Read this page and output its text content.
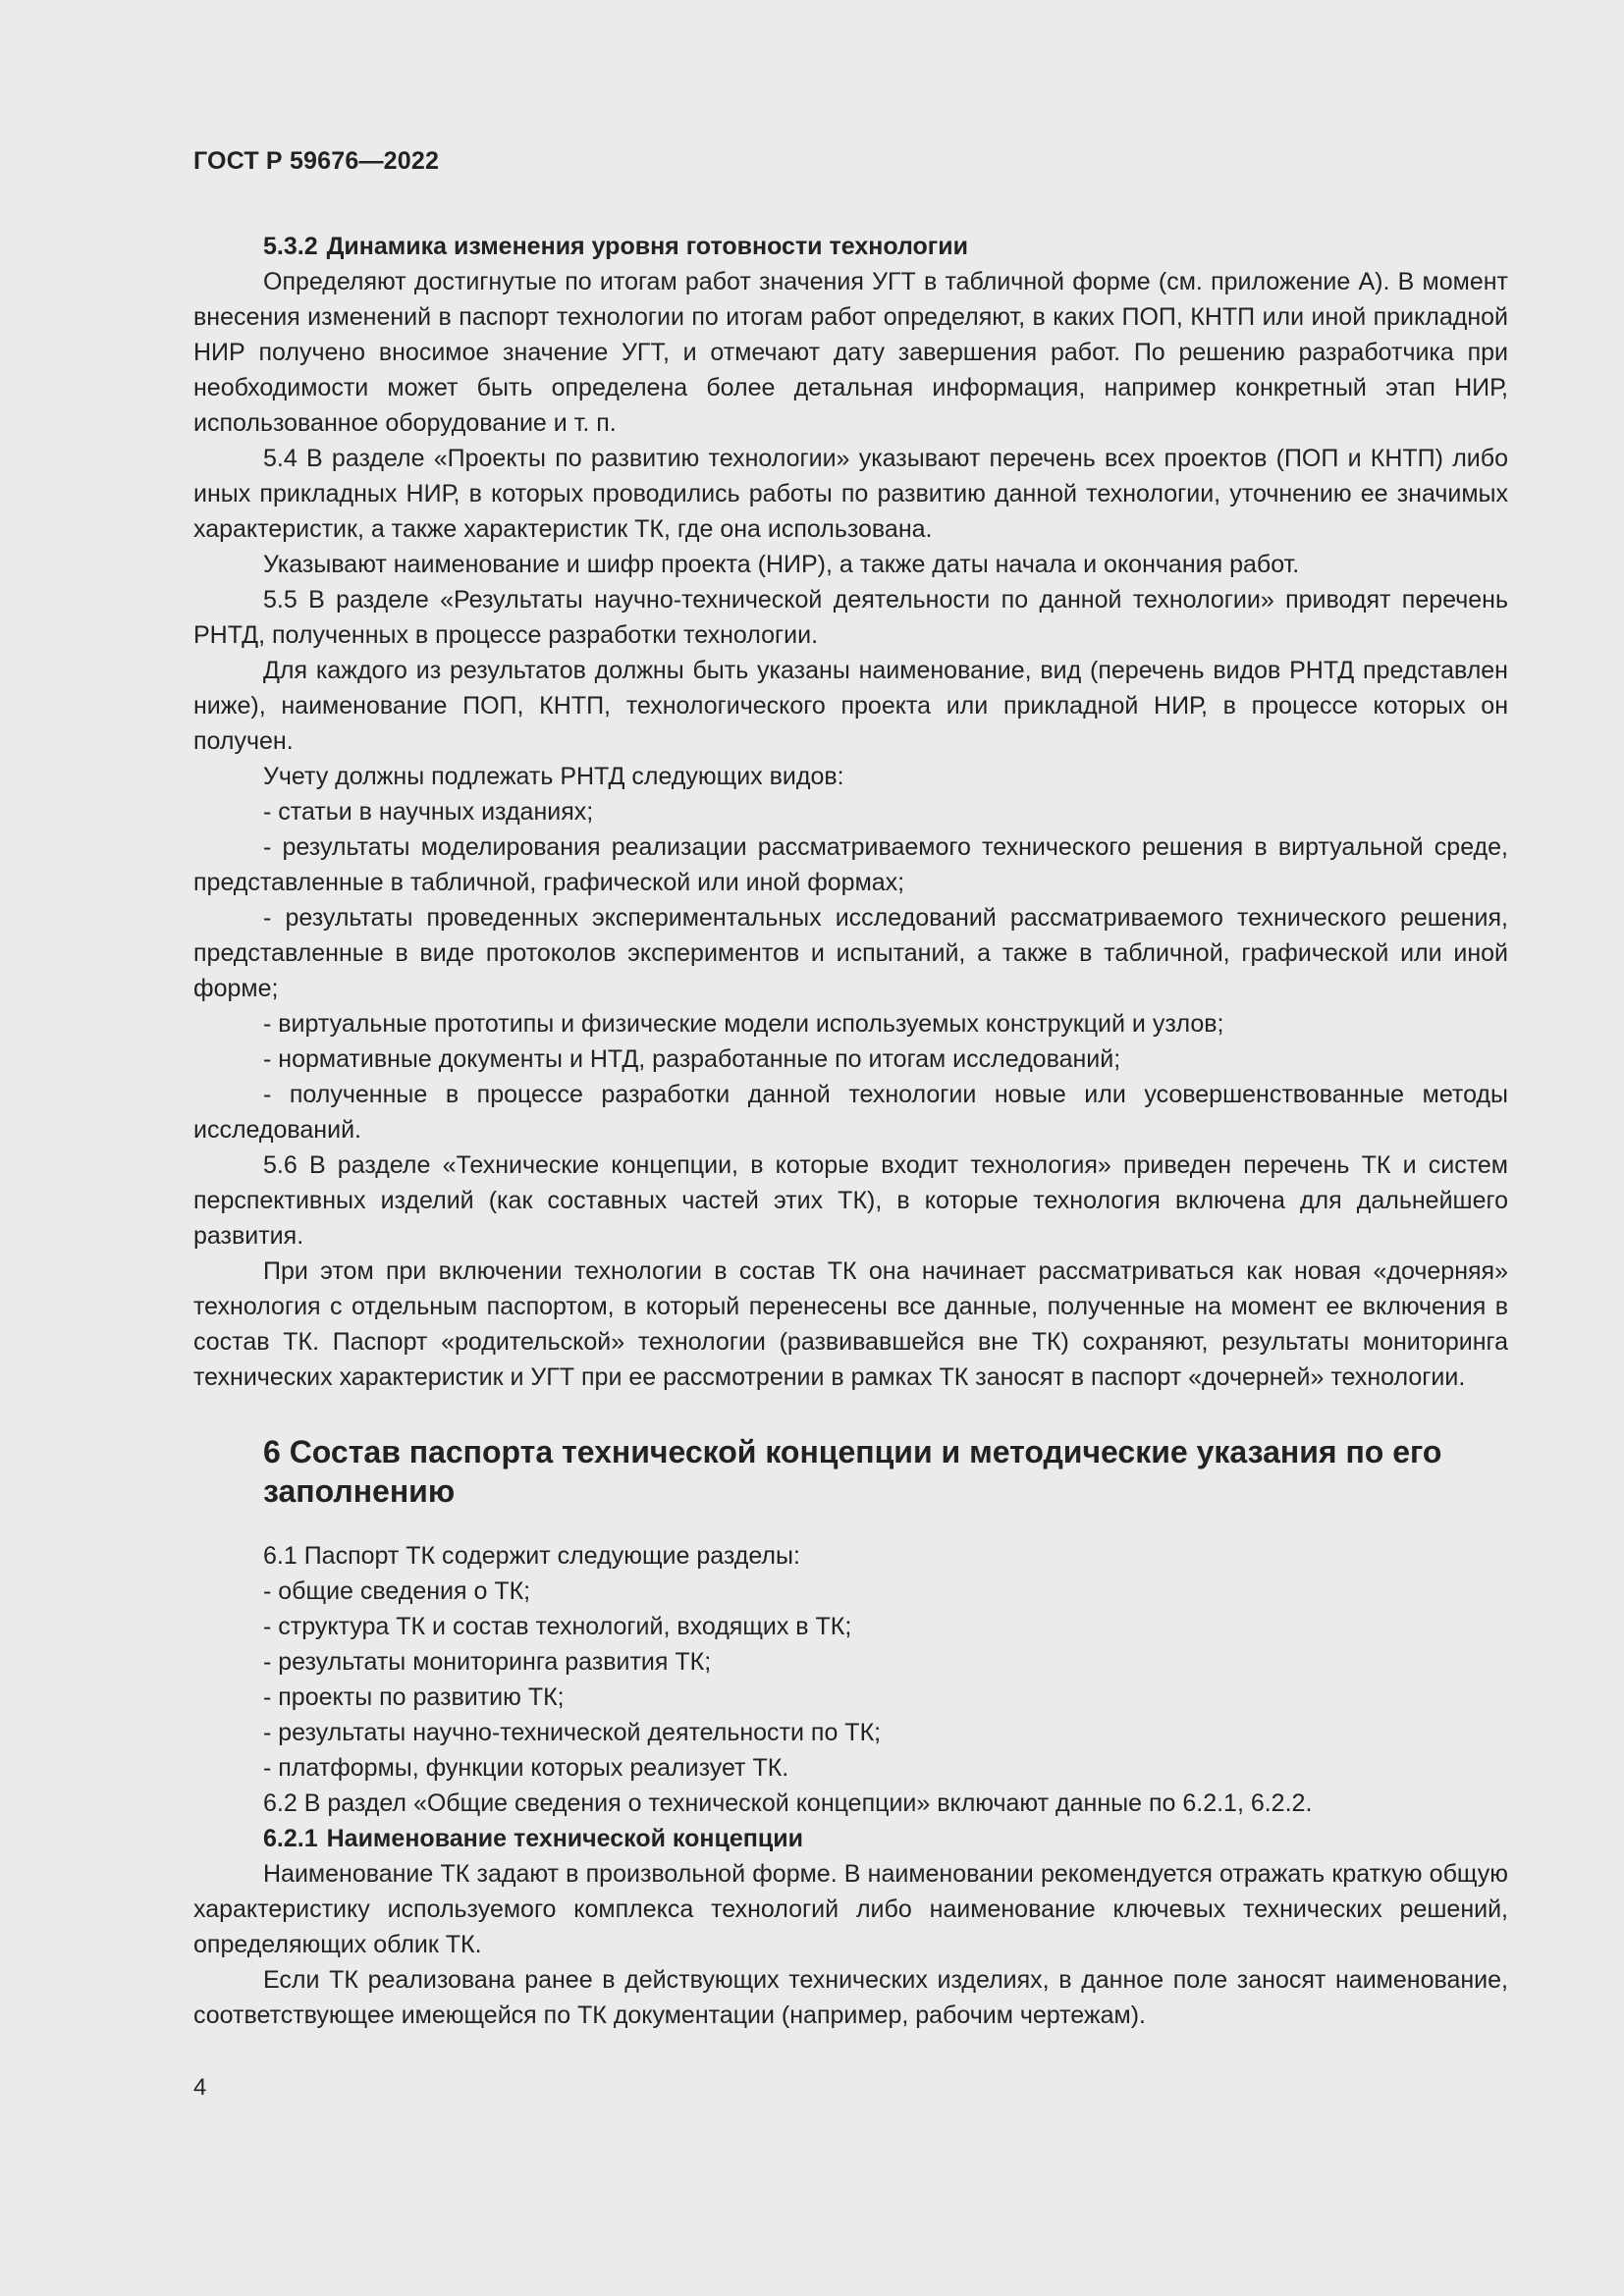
ГОСТ Р 59676—2022

5.3.2 Динамика изменения уровня готовности технологии

Определяют достигнутые по итогам работ значения УГТ в табличной форме (см. приложение А). В момент внесения изменений в паспорт технологии по итогам работ определяют, в каких ПОП, КНТП или иной прикладной НИР получено вносимое значение УГТ, и отмечают дату завершения работ. По решению разработчика при необходимости может быть определена более детальная информация, например конкретный этап НИР, использованное оборудование и т. п.

5.4 В разделе «Проекты по развитию технологии» указывают перечень всех проектов (ПОП и КНТП) либо иных прикладных НИР, в которых проводились работы по развитию данной технологии, уточнению ее значимых характеристик, а также характеристик ТК, где она использована.

Указывают наименование и шифр проекта (НИР), а также даты начала и окончания работ.

5.5 В разделе «Результаты научно-технической деятельности по данной технологии» приводят перечень РНТД, полученных в процессе разработки технологии.

Для каждого из результатов должны быть указаны наименование, вид (перечень видов РНТД представлен ниже), наименование ПОП, КНТП, технологического проекта или прикладной НИР, в процессе которых он получен.

Учету должны подлежать РНТД следующих видов:

- статьи в научных изданиях;

- результаты моделирования реализации рассматриваемого технического решения в виртуальной среде, представленные в табличной, графической или иной формах;

- результаты проведенных экспериментальных исследований рассматриваемого технического решения, представленные в виде протоколов экспериментов и испытаний, а также в табличной, графической или иной форме;

- виртуальные прототипы и физические модели используемых конструкций и узлов;

- нормативные документы и НТД, разработанные по итогам исследований;

- полученные в процессе разработки данной технологии новые или усовершенствованные методы исследований.

5.6 В разделе «Технические концепции, в которые входит технология» приведен перечень ТК и систем перспективных изделий (как составных частей этих ТК), в которые технология включена для дальнейшего развития.

При этом при включении технологии в состав ТК она начинает рассматриваться как новая «дочерняя» технология с отдельным паспортом, в который перенесены все данные, полученные на момент ее включения в состав ТК. Паспорт «родительской» технологии (развивавшейся вне ТК) сохраняют, результаты мониторинга технических характеристик и УГТ при ее рассмотрении в рамках ТК заносят в паспорт «дочерней» технологии.

6 Состав паспорта технической концепции и методические указания по его заполнению

6.1 Паспорт ТК содержит следующие разделы:

- общие сведения о ТК;

- структура ТК и состав технологий, входящих в ТК;

- результаты мониторинга развития ТК;

- проекты по развитию ТК;

- результаты научно-технической деятельности по ТК;

- платформы, функции которых реализует ТК.

6.2 В раздел «Общие сведения о технической концепции» включают данные по 6.2.1, 6.2.2.

6.2.1 Наименование технической концепции

Наименование ТК задают в произвольной форме. В наименовании рекомендуется отражать краткую общую характеристику используемого комплекса технологий либо наименование ключевых технических решений, определяющих облик ТК.

Если ТК реализована ранее в действующих технических изделиях, в данное поле заносят наименование, соответствующее имеющейся по ТК документации (например, рабочим чертежам).

4
